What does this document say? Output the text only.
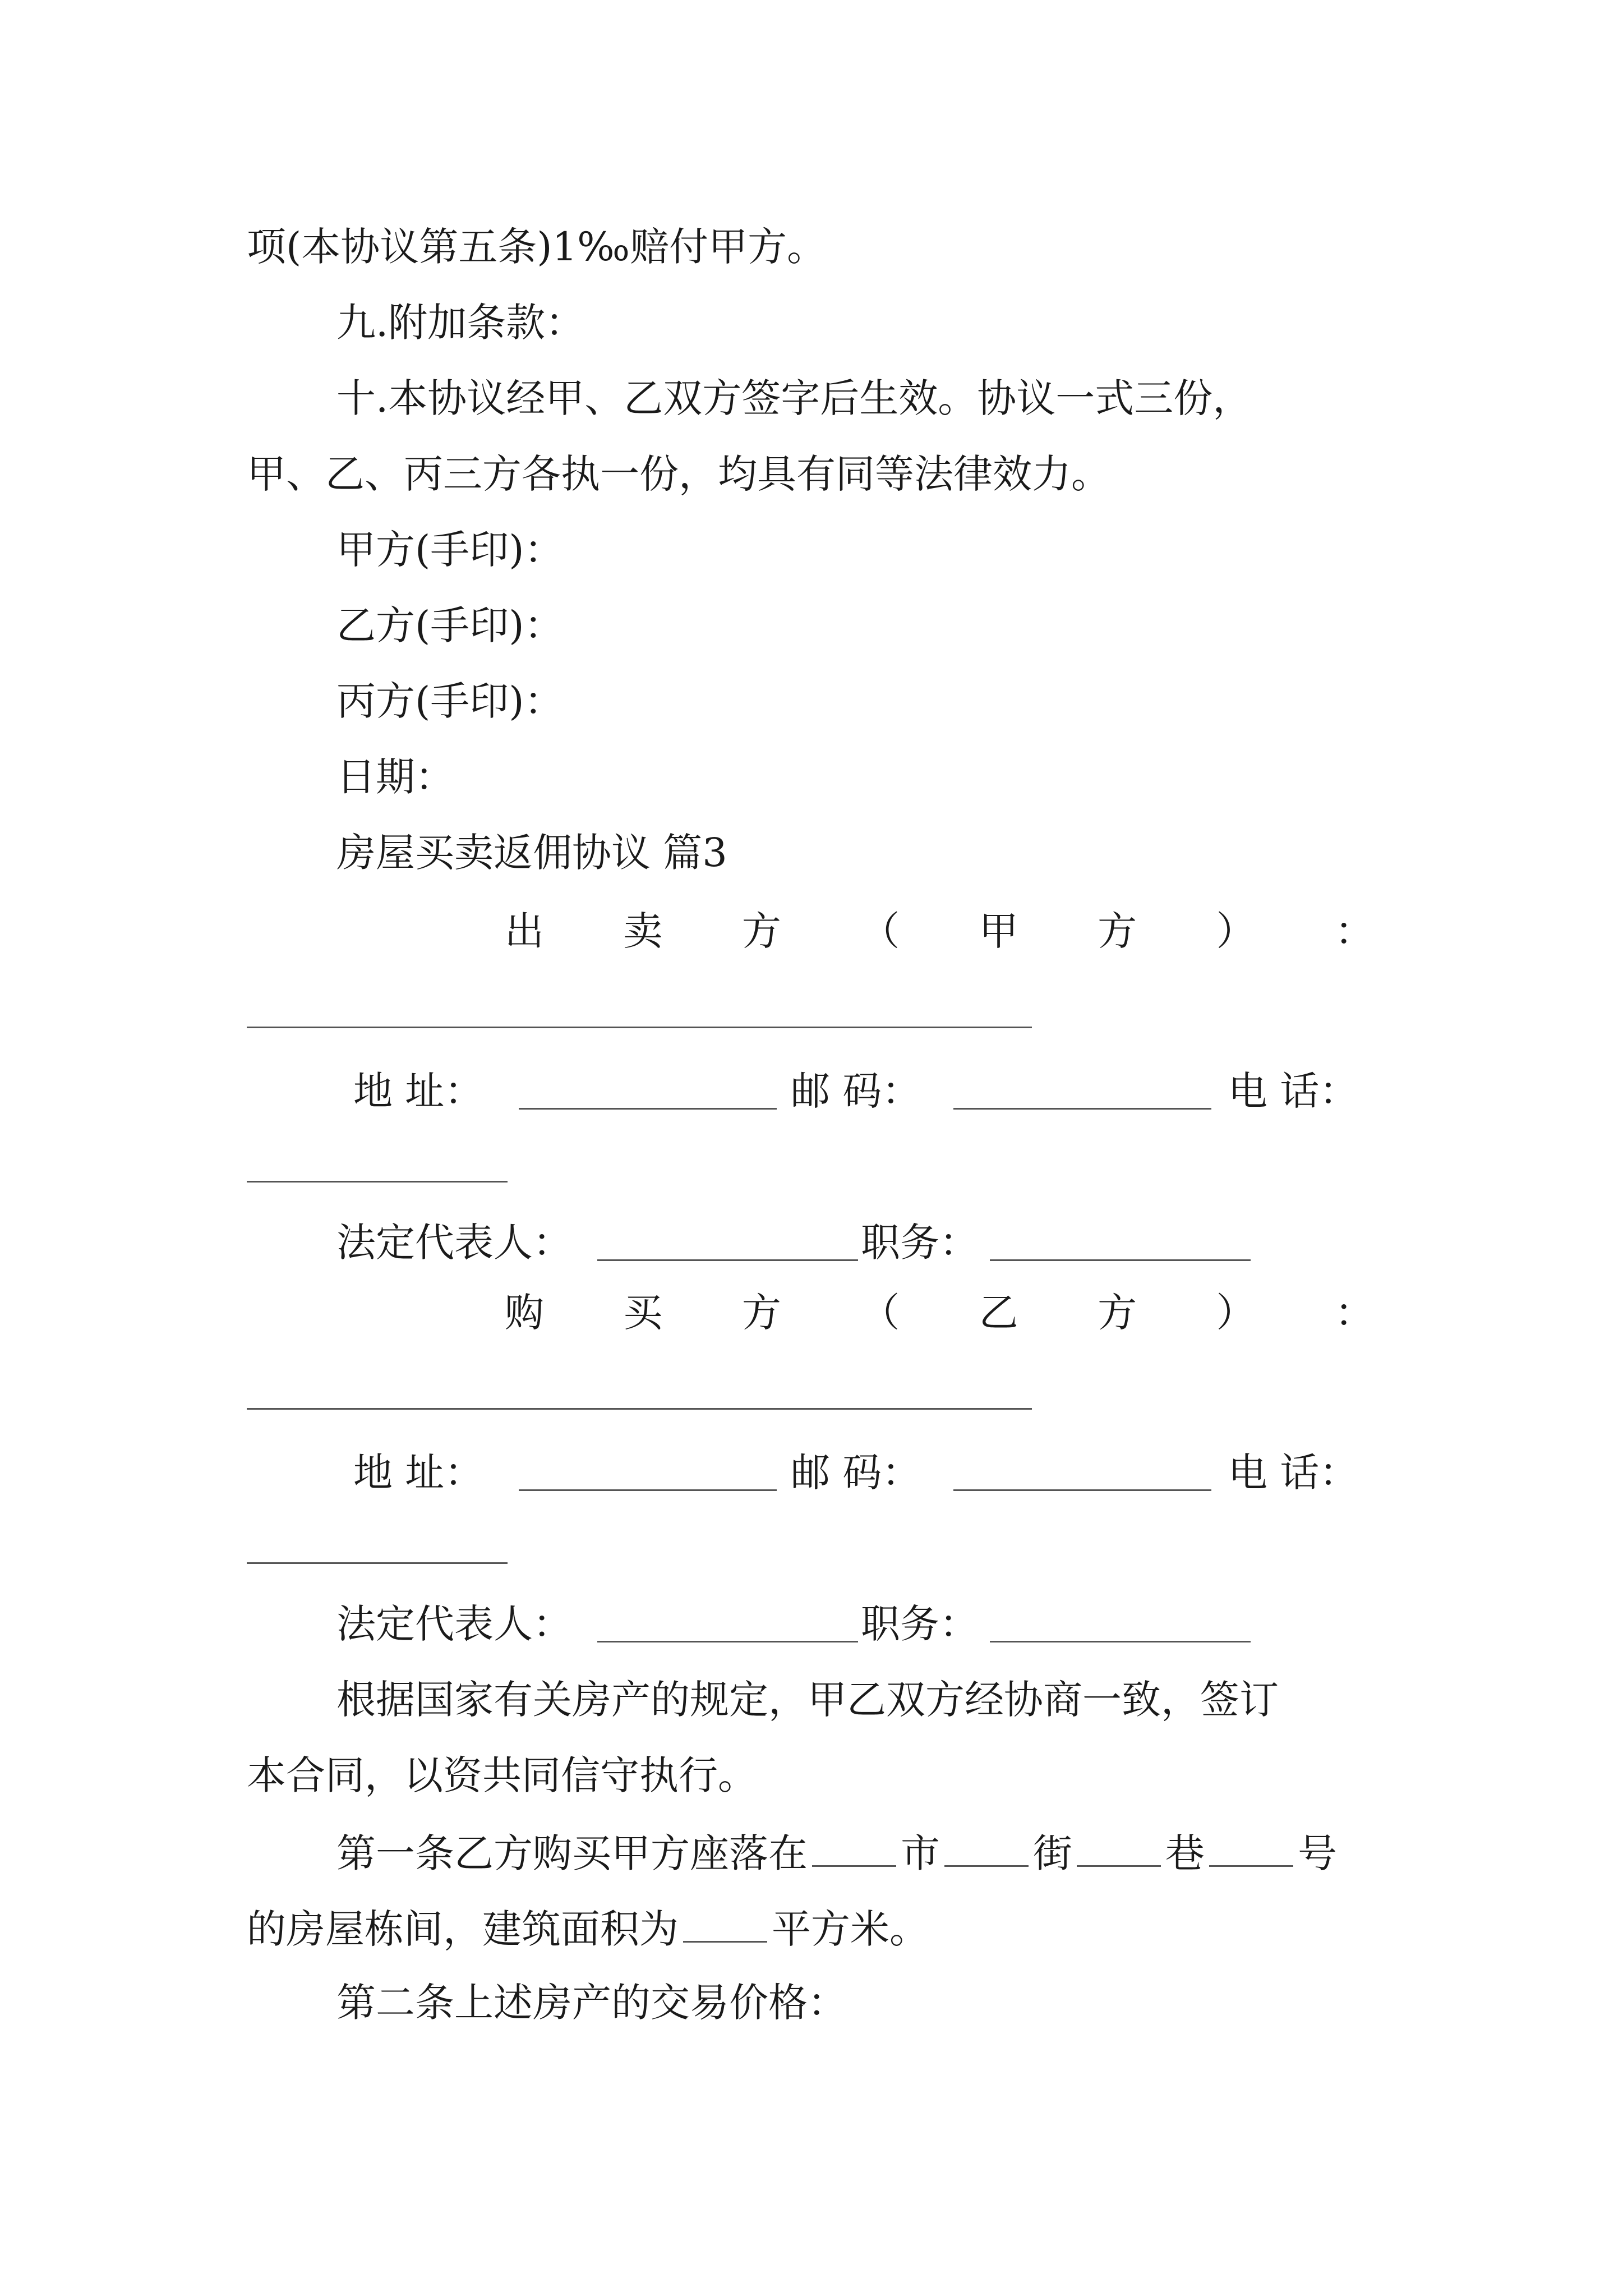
项(本协议第五条)1‰赔付甲方。
九.附加条款：
十.本协议经甲、乙双方签字后生效。协议一式三份，
甲、乙、丙三方各执一份，均具有同等法律效力。
甲方(手印)：
乙方(手印)：
丙方(手印)：
日期：
房屋买卖返佣协议 篇3
出 卖 方 （ 甲 方 ） ：
地 址：	邮 码：	电 话：
法定代表人：	职务：
购 买 方 （ 乙 方 ） ：
地 址：	邮 码：	电 话：
法定代表人：	职务：
根据国家有关房产的规定，甲乙双方经协商一致，签订
本合同，以资共同信守执行。
第一条乙方购买甲方座落在 市 街 巷 号
的房屋栋间，建筑面积为 平方米。
第二条上述房产的交易价格：
